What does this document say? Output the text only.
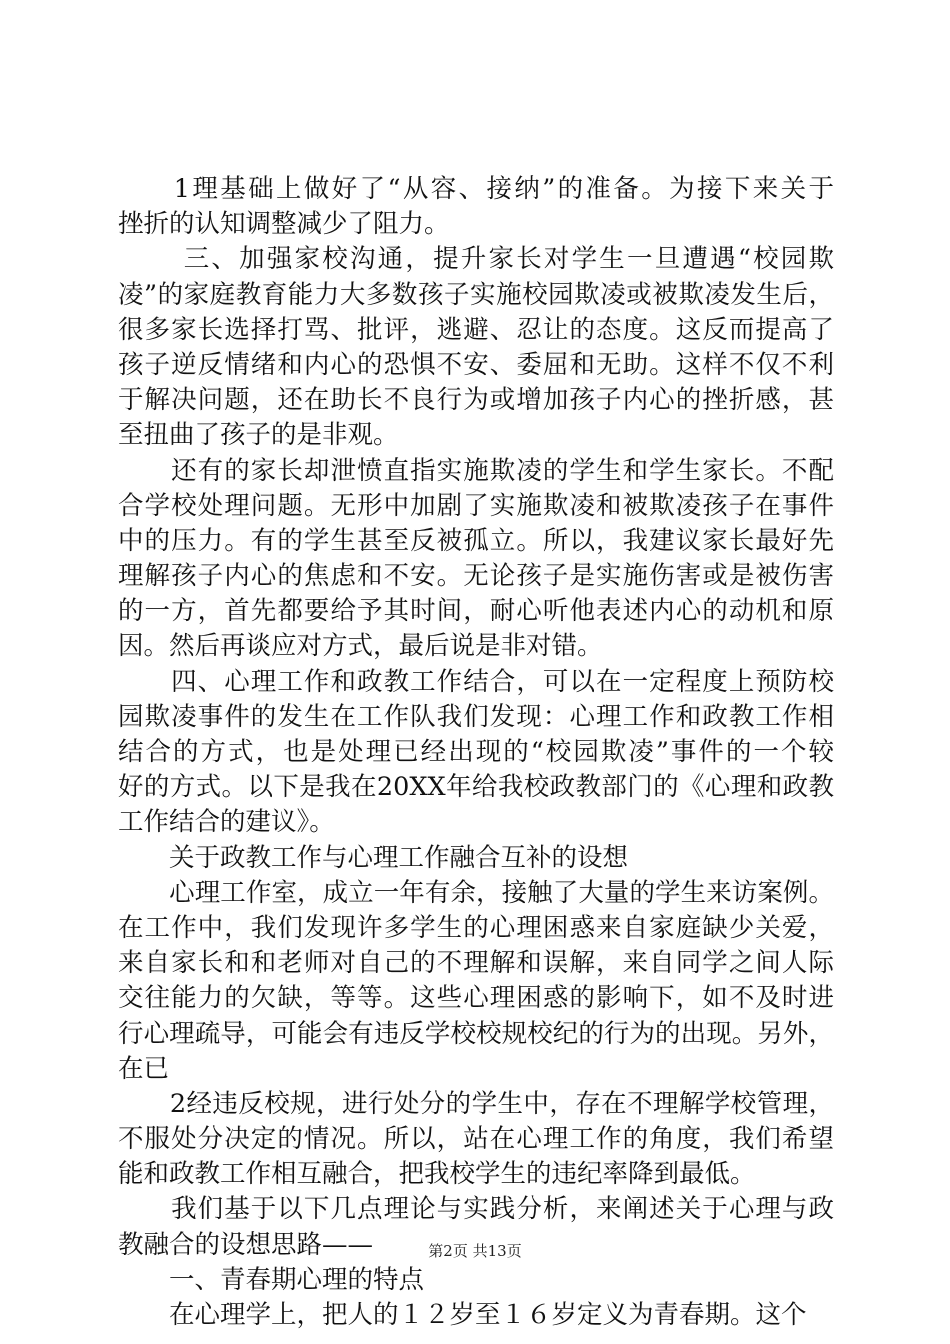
　　1理基础上做好了“从容、接纳”的准备。为接下来关于
挫折的认知调整减少了阻力。
　　 三、加强家校沟通，提升家长对学生一旦遭遇“校园欺
凌”的家庭教育能力大多数孩子实施校园欺凌或被欺凌发生后，
很多家长选择打骂、批评，逃避、忍让的态度。这反而提高了
孩子逆反情绪和内心的恐惧不安、委屈和无助。这样不仅不利
于解决问题，还在助长不良行为或增加孩子内心的挫折感，甚
至扭曲了孩子的是非观。
　　还有的家长却泄愤直指实施欺凌的学生和学生家长。不配
合学校处理问题。无形中加剧了实施欺凌和被欺凌孩子在事件
中的压力。有的学生甚至反被孤立。所以，我建议家长最好先
理解孩子内心的焦虑和不安。无论孩子是实施伤害或是被伤害
的一方，首先都要给予其时间，耐心听他表述内心的动机和原
因。然后再谈应对方式，最后说是非对错。
　　四、心理工作和政教工作结合，可以在一定程度上预防校
园欺凌事件的发生在工作队我们发现：心理工作和政教工作相
结合的方式，也是处理已经出现的“校园欺凌”事件的一个较
好的方式。以下是我在20XX年给我校政教部门的《心理和政教
工作结合的建议》。
　　关于政教工作与心理工作融合互补的设想
　　心理工作室，成立一年有余，接触了大量的学生来访案例。
在工作中，我们发现许多学生的心理困惑来自家庭缺少关爱，
来自家长和和老师对自己的不理解和误解，来自同学之间人际
交往能力的欠缺，等等。这些心理困惑的影响下，如不及时进
行心理疏导，可能会有违反学校校规校纪的行为的出现。另外，
在已
　　2经违反校规，进行处分的学生中，存在不理解学校管理，
不服处分决定的情况。所以，站在心理工作的角度，我们希望
能和政教工作相互融合，把我校学生的违纪率降到最低。
　　我们基于以下几点理论与实践分析，来阐述关于心理与政
教融合的设想思路——
　　一、青春期心理的特点
　　在心理学上，把人的１２岁至１６岁定义为青春期。这个
第2页 共13页
